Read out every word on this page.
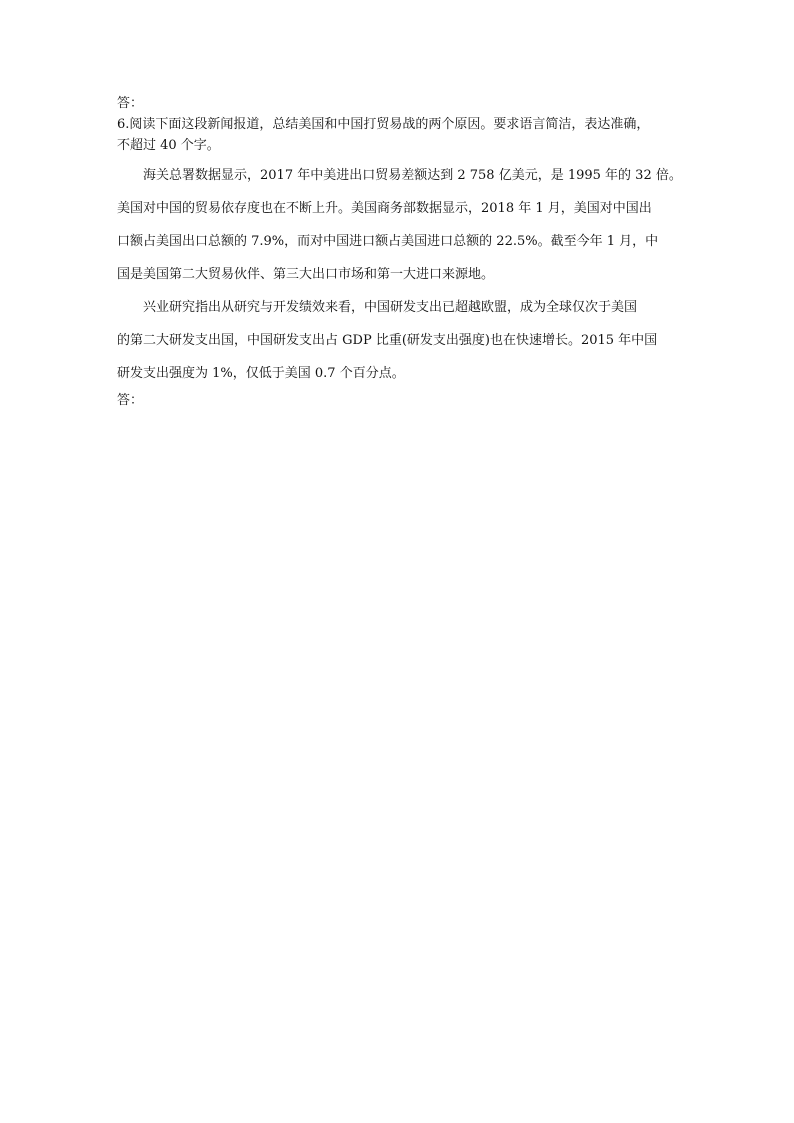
答：

6.阅读下面这段新闻报道，总结美国和中国打贸易战的两个原因。要求语言简洁，表达准确，

不超过 40 个字。

海关总署数据显示，2017 年中美进出口贸易差额达到 2 758 亿美元，是 1995 年的 32 倍。

美国对中国的贸易依存度也在不断上升。美国商务部数据显示，2018 年 1 月，美国对中国出

口额占美国出口总额的 7.9%，而对中国进口额占美国进口总额的 22.5%。截至今年 1 月，中

国是美国第二大贸易伙伴、第三大出口市场和第一大进口来源地。

兴业研究指出从研究与开发绩效来看，中国研发支出已超越欧盟，成为全球仅次于美国

的第二大研发支出国，中国研发支出占 GDP 比重(研发支出强度)也在快速增长。2015 年中国

研发支出强度为 1%，仅低于美国 0.7 个百分点。

答：
